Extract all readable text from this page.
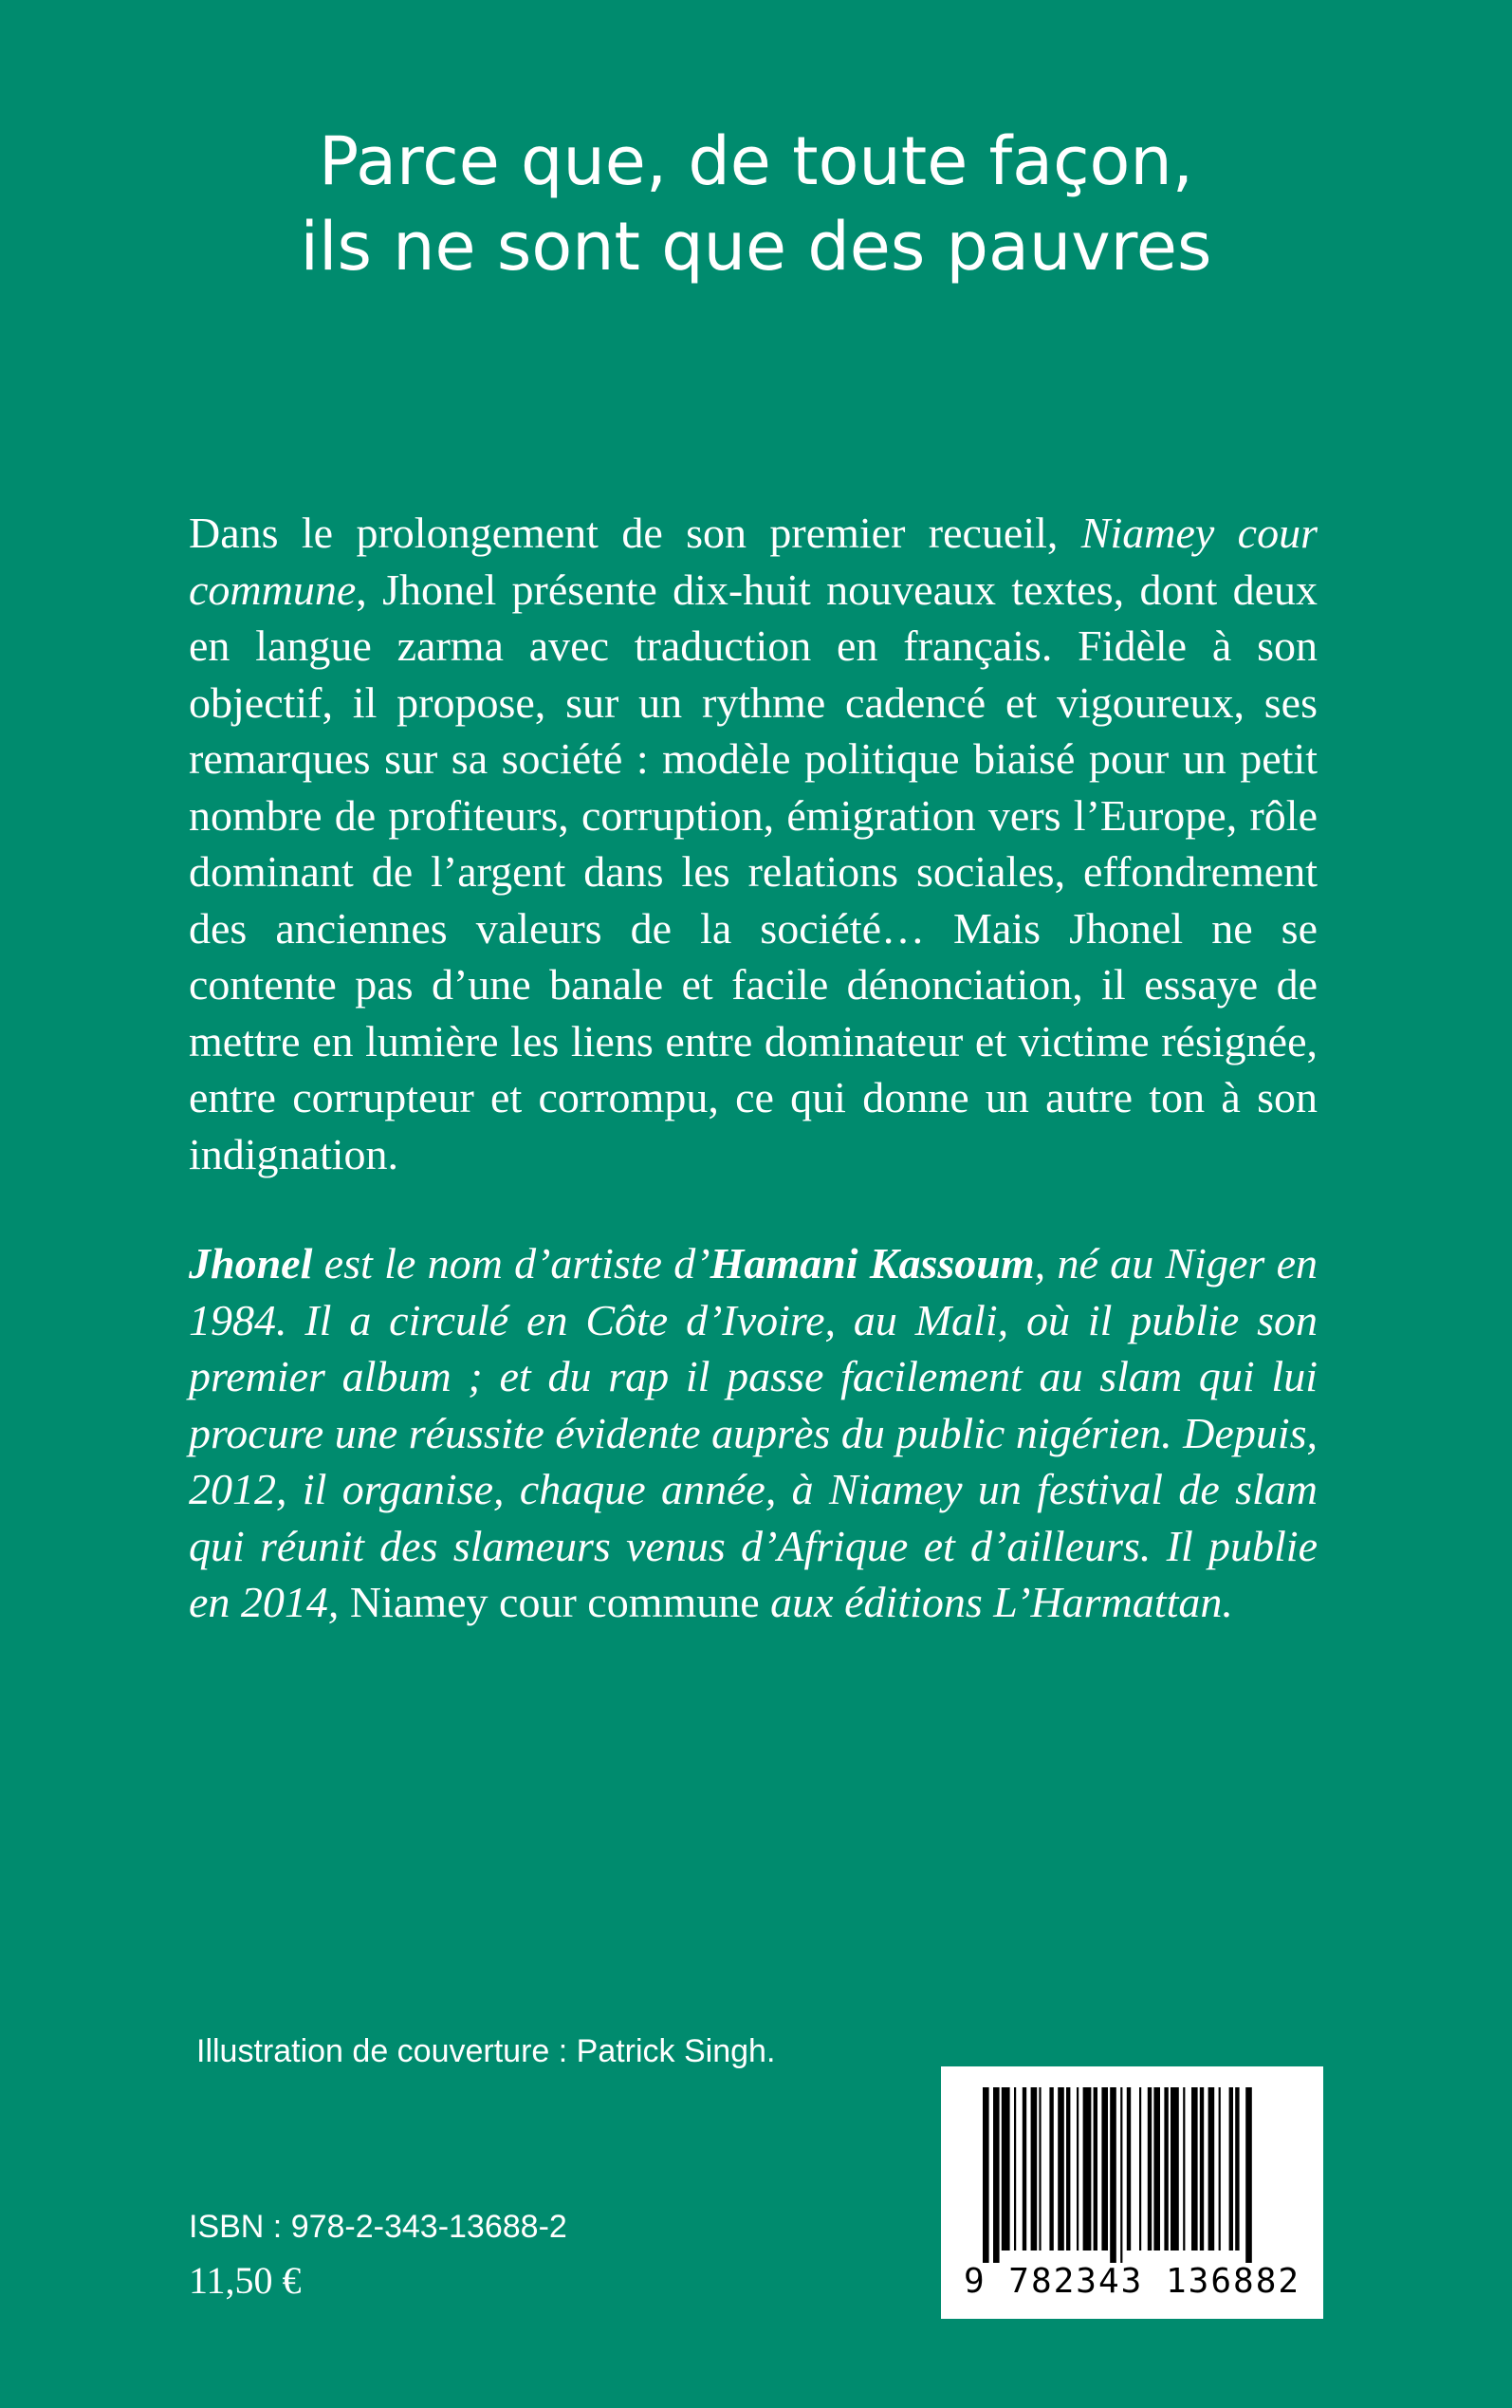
Parce que, de toute façon,
ils ne sont que des pauvres

Dans le prolongement de son premier recueil, Niamey cour commune, Jhonel présente dix-huit nouveaux textes, dont deux en langue zarma avec traduction en français. Fidèle à son objectif, il propose, sur un rythme cadencé et vigoureux, ses remarques sur sa société : modèle politique biaisé pour un petit nombre de profiteurs, corruption, émigration vers l’Europe, rôle dominant de l’argent dans les relations sociales, effondrement des anciennes valeurs de la société… Mais Jhonel ne se contente pas d’une banale et facile dénonciation, il essaye de mettre en lumière les liens entre dominateur et victime résignée, entre corrupteur et corrompu, ce qui donne un autre ton à son indignation.

Jhonel est le nom d’artiste d’Hamani Kassoum, né au Niger en 1984. Il a circulé en Côte d’Ivoire, au Mali, où il publie son premier album ; et du rap il passe facilement au slam qui lui procure une réussite évidente auprès du public nigérien. Depuis, 2012, il organise, chaque année, à Niamey un festival de slam qui réunit des slameurs venus d’Afrique et d’ailleurs. Il publie en 2014, Niamey cour commune aux éditions L’Harmattan.

Illustration de couverture : Patrick Singh.
ISBN : 978-2-343-13688-2
11,50 €	9 782343 136882
